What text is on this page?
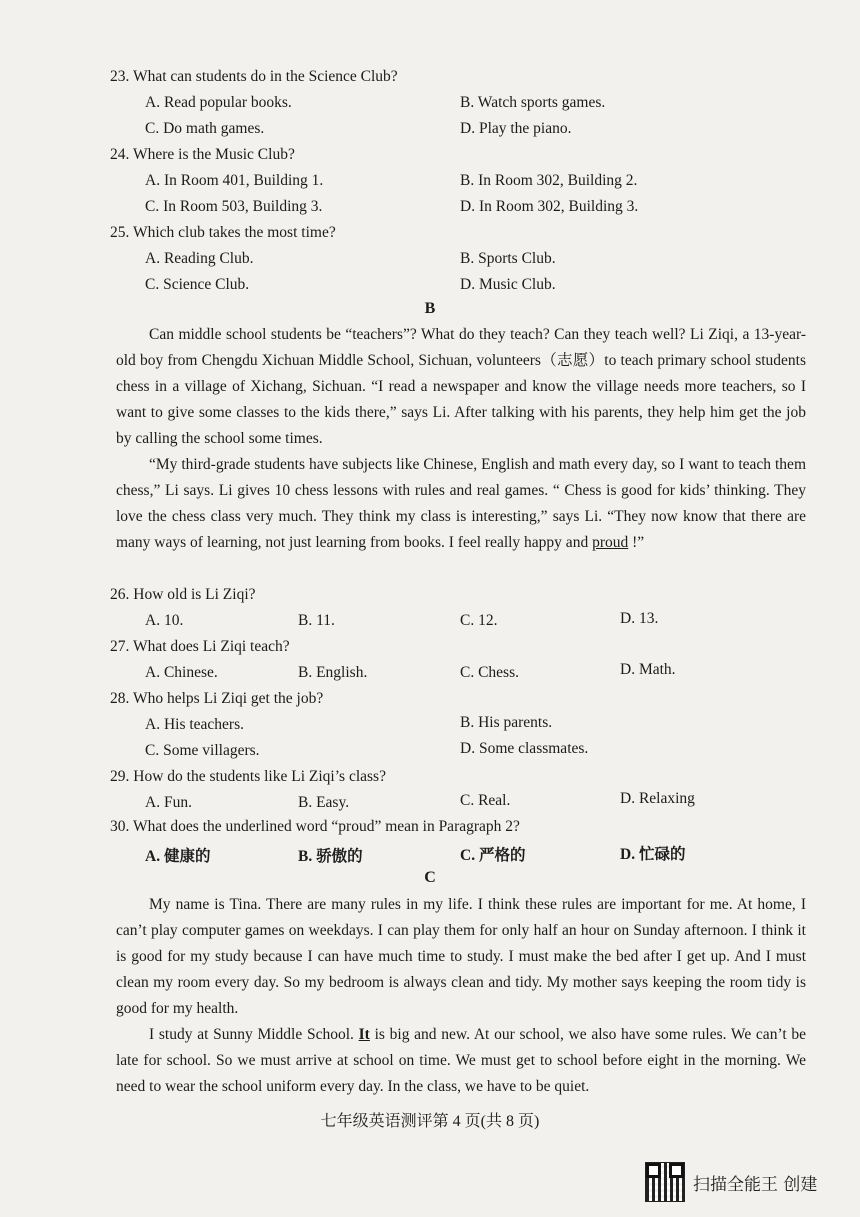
23. What can students do in the Science Club?
A. Read popular books.	B. Watch sports games.
C. Do math games.	D. Play the piano.
24. Where is the Music Club?
A. In Room 401, Building 1.	B. In Room 302, Building 2.
C. In Room 503, Building 3.	D. In Room 302, Building 3.
25. Which club takes the most time?
A. Reading Club.	B. Sports Club.
C. Science Club.	D. Music Club.
B
Can middle school students be “teachers”? What do they teach? Can they teach well? Li Ziqi, a 13-year-old boy from Chengdu Xichuan Middle School, Sichuan, volunteers（志愿）to teach primary school students chess in a village of Xichang, Sichuan. “I read a newspaper and know the village needs more teachers, so I want to give some classes to the kids there,” says Li. After talking with his parents, they help him get the job by calling the school some times.
“My third-grade students have subjects like Chinese, English and math every day, so I want to teach them chess,” Li says. Li gives 10 chess lessons with rules and real games. “ Chess is good for kids’ thinking. They love the chess class very much. They think my class is interesting,” says Li. “They now know that there are many ways of learning, not just learning from books. I feel really happy and proud !”
26. How old is Li Ziqi?
A. 10.	B. 11.	C. 12.	D. 13.
27. What does Li Ziqi teach?
A. Chinese.	B. English.	C. Chess.	D. Math.
28. Who helps Li Ziqi get the job?
A. His teachers.	B. His parents.
C. Some villagers.	D. Some classmates.
29. How do the students like Li Ziqi’s class?
A. Fun.	B. Easy.	C. Real.	D. Relaxing
30. What does the underlined word “proud” mean in Paragraph 2?
A. 健康的	B. 骄傲的	C. 严格的	D. 忙碌的
C
My name is Tina. There are many rules in my life. I think these rules are important for me. At home, I can’t play computer games on weekdays. I can play them for only half an hour on Sunday afternoon. I think it is good for my study because I can have much time to study. I must make the bed after I get up. And I must clean my room every day. So my bedroom is always clean and tidy. My mother says keeping the room tidy is good for my health.
I study at Sunny Middle School. It is big and new. At our school, we also have some rules. We can’t be late for school. So we must arrive at school on time. We must get to school before eight in the morning. We need to wear the school uniform every day. In the class, we have to be quiet.
七年级英语测评第 4 页(共 8 页)
扫描全能王 创建
